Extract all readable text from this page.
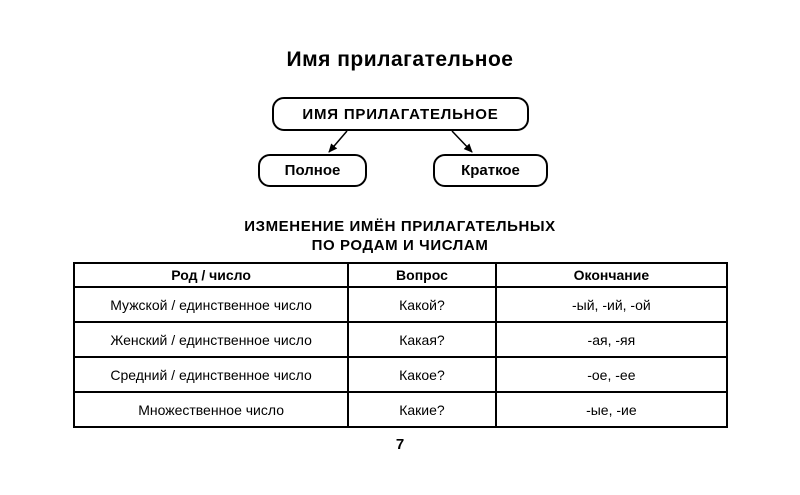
Имя прилагательное
ИМЯ ПРИЛАГАТЕЛЬНОЕ
Полное	Краткое
ИЗМЕНЕНИЕ ИМЁН ПРИЛАГАТЕЛЬНЫХ
ПО РОДАМ И ЧИСЛАМ
Род / число	Вопрос	Окончание
Мужской / единственное число	Какой?	-ый, -ий, -ой
Женский / единственное число	Какая?	-ая, -яя
Средний / единственное число	Какое?	-ое, -ее
Множественное число	Какие?	-ые, -ие
7
